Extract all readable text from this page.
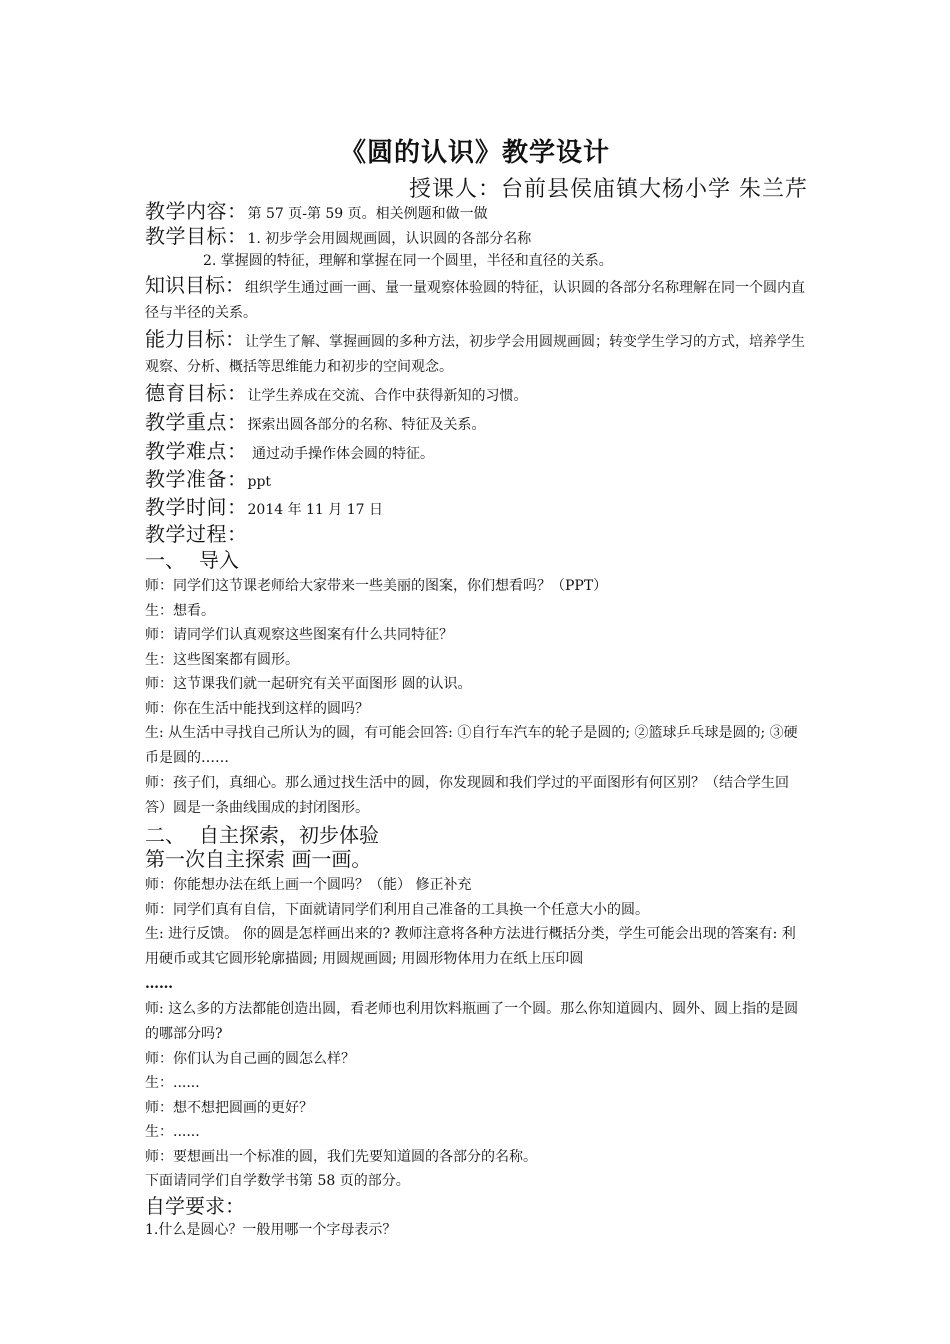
《圆的认识》教学设计
授课人：台前县侯庙镇大杨小学 朱兰芹
教学内容：第 57 页-第 59 页。相关例题和做一做
教学目标：1. 初步学会用圆规画圆，认识圆的各部分名称
2. 掌握圆的特征，理解和掌握在同一个圆里，半径和直径的关系。
知识目标：组织学生通过画一画、量一量观察体验圆的特征，认识圆的各部分名称理解在同一个圆内直径与半径的关系。
能力目标：让学生了解、掌握画圆的多种方法，初步学会用圆规画圆；转变学生学习的方式，培养学生观察、分析、概括等思维能力和初步的空间观念。
德育目标：让学生养成在交流、合作中获得新知的习惯。
教学重点：探索出圆各部分的名称、特征及关系。
教学难点： 通过动手操作体会圆的特征。
教学准备：ppt
教学时间：2014 年 11 月 17 日
教学过程：
一、 导入
师：同学们这节课老师给大家带来一些美丽的图案，你们想看吗？（PPT）
生：想看。
师：请同学们认真观察这些图案有什么共同特征？
生：这些图案都有圆形。
师：这节课我们就一起研究有关平面图形 圆的认识。
师：你在生活中能找到这样的圆吗？
生: 从生活中寻找自己所认为的圆，有可能会回答: ①自行车汽车的轮子是圆的; ②篮球乒乓球是圆的; ③硬币是圆的……
师：孩子们，真细心。那么通过找生活中的圆，你发现圆和我们学过的平面图形有何区别？（结合学生回答）圆是一条曲线围成的封闭图形。
二、 自主探索，初步体验
第一次自主探索 画一画。
师：你能想办法在纸上画一个圆吗？（能） 修正补充
师：同学们真有自信，下面就请同学们利用自己准备的工具换一个任意大小的圆。
生: 进行反馈。 你的圆是怎样画出来的? 教师注意将各种方法进行概括分类，学生可能会出现的答案有: 利用硬币或其它圆形轮廓描圆; 用圆规画圆; 用圆形物体用力在纸上压印圆
……
师: 这么多的方法都能创造出圆，看老师也利用饮料瓶画了一个圆。那么你知道圆内、圆外、圆上指的是圆的哪部分吗?
师：你们认为自己画的圆怎么样？
生：......
师：想不想把圆画的更好？
生：......
师：要想画出一个标准的圆，我们先要知道圆的各部分的名称。
下面请同学们自学数学书第 58 页的部分。
自学要求：
1.什么是圆心？一般用哪一个字母表示？
